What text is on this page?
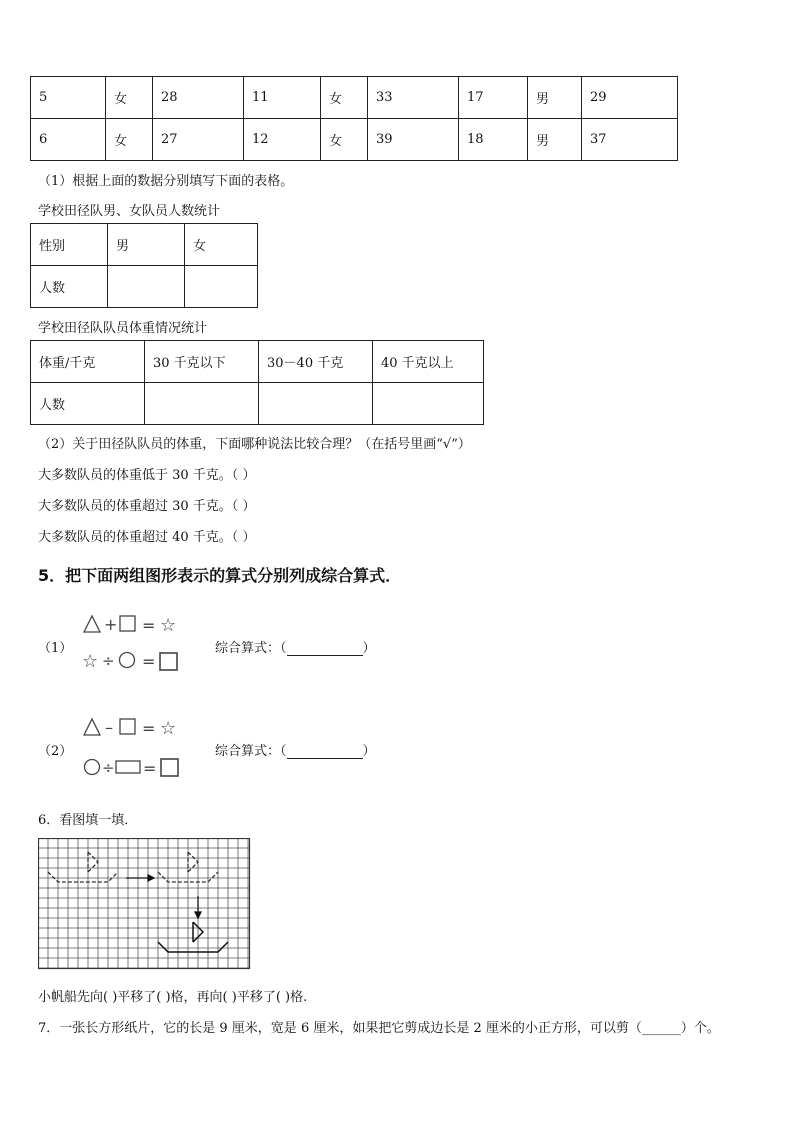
5	女	28	11	女	33	17	男	29
6	女	27	12	女	39	18	男	37
（1）根据上面的数据分别填写下面的表格。
学校田径队男、女队员人数统计
性别	男	女
人数		
学校田径队队员体重情况统计
体重/千克	30 千克以下	30－40 千克	40 千克以上
人数			
（2）关于田径队队员的体重，下面哪种说法比较合理？（在括号里画“√”）
大多数队员的体重低于 30 千克。（ ）
大多数队员的体重超过 30 千克。（ ）
大多数队员的体重超过 40 千克。（ ）
5．把下面两组图形表示的算式分别列成综合算式．
（1）
+ = ☆
☆ ÷ =
综合算式：（	）
（2）
– = ☆
÷ =
综合算式：（	）
6．看图填一填．
小帆船先向( )平移了( )格，再向( )平移了( )格.
7．一张长方形纸片，它的长是 9 厘米，宽是 6 厘米，如果把它剪成边长是 2 厘米的小正方形，可以剪（______）个。
